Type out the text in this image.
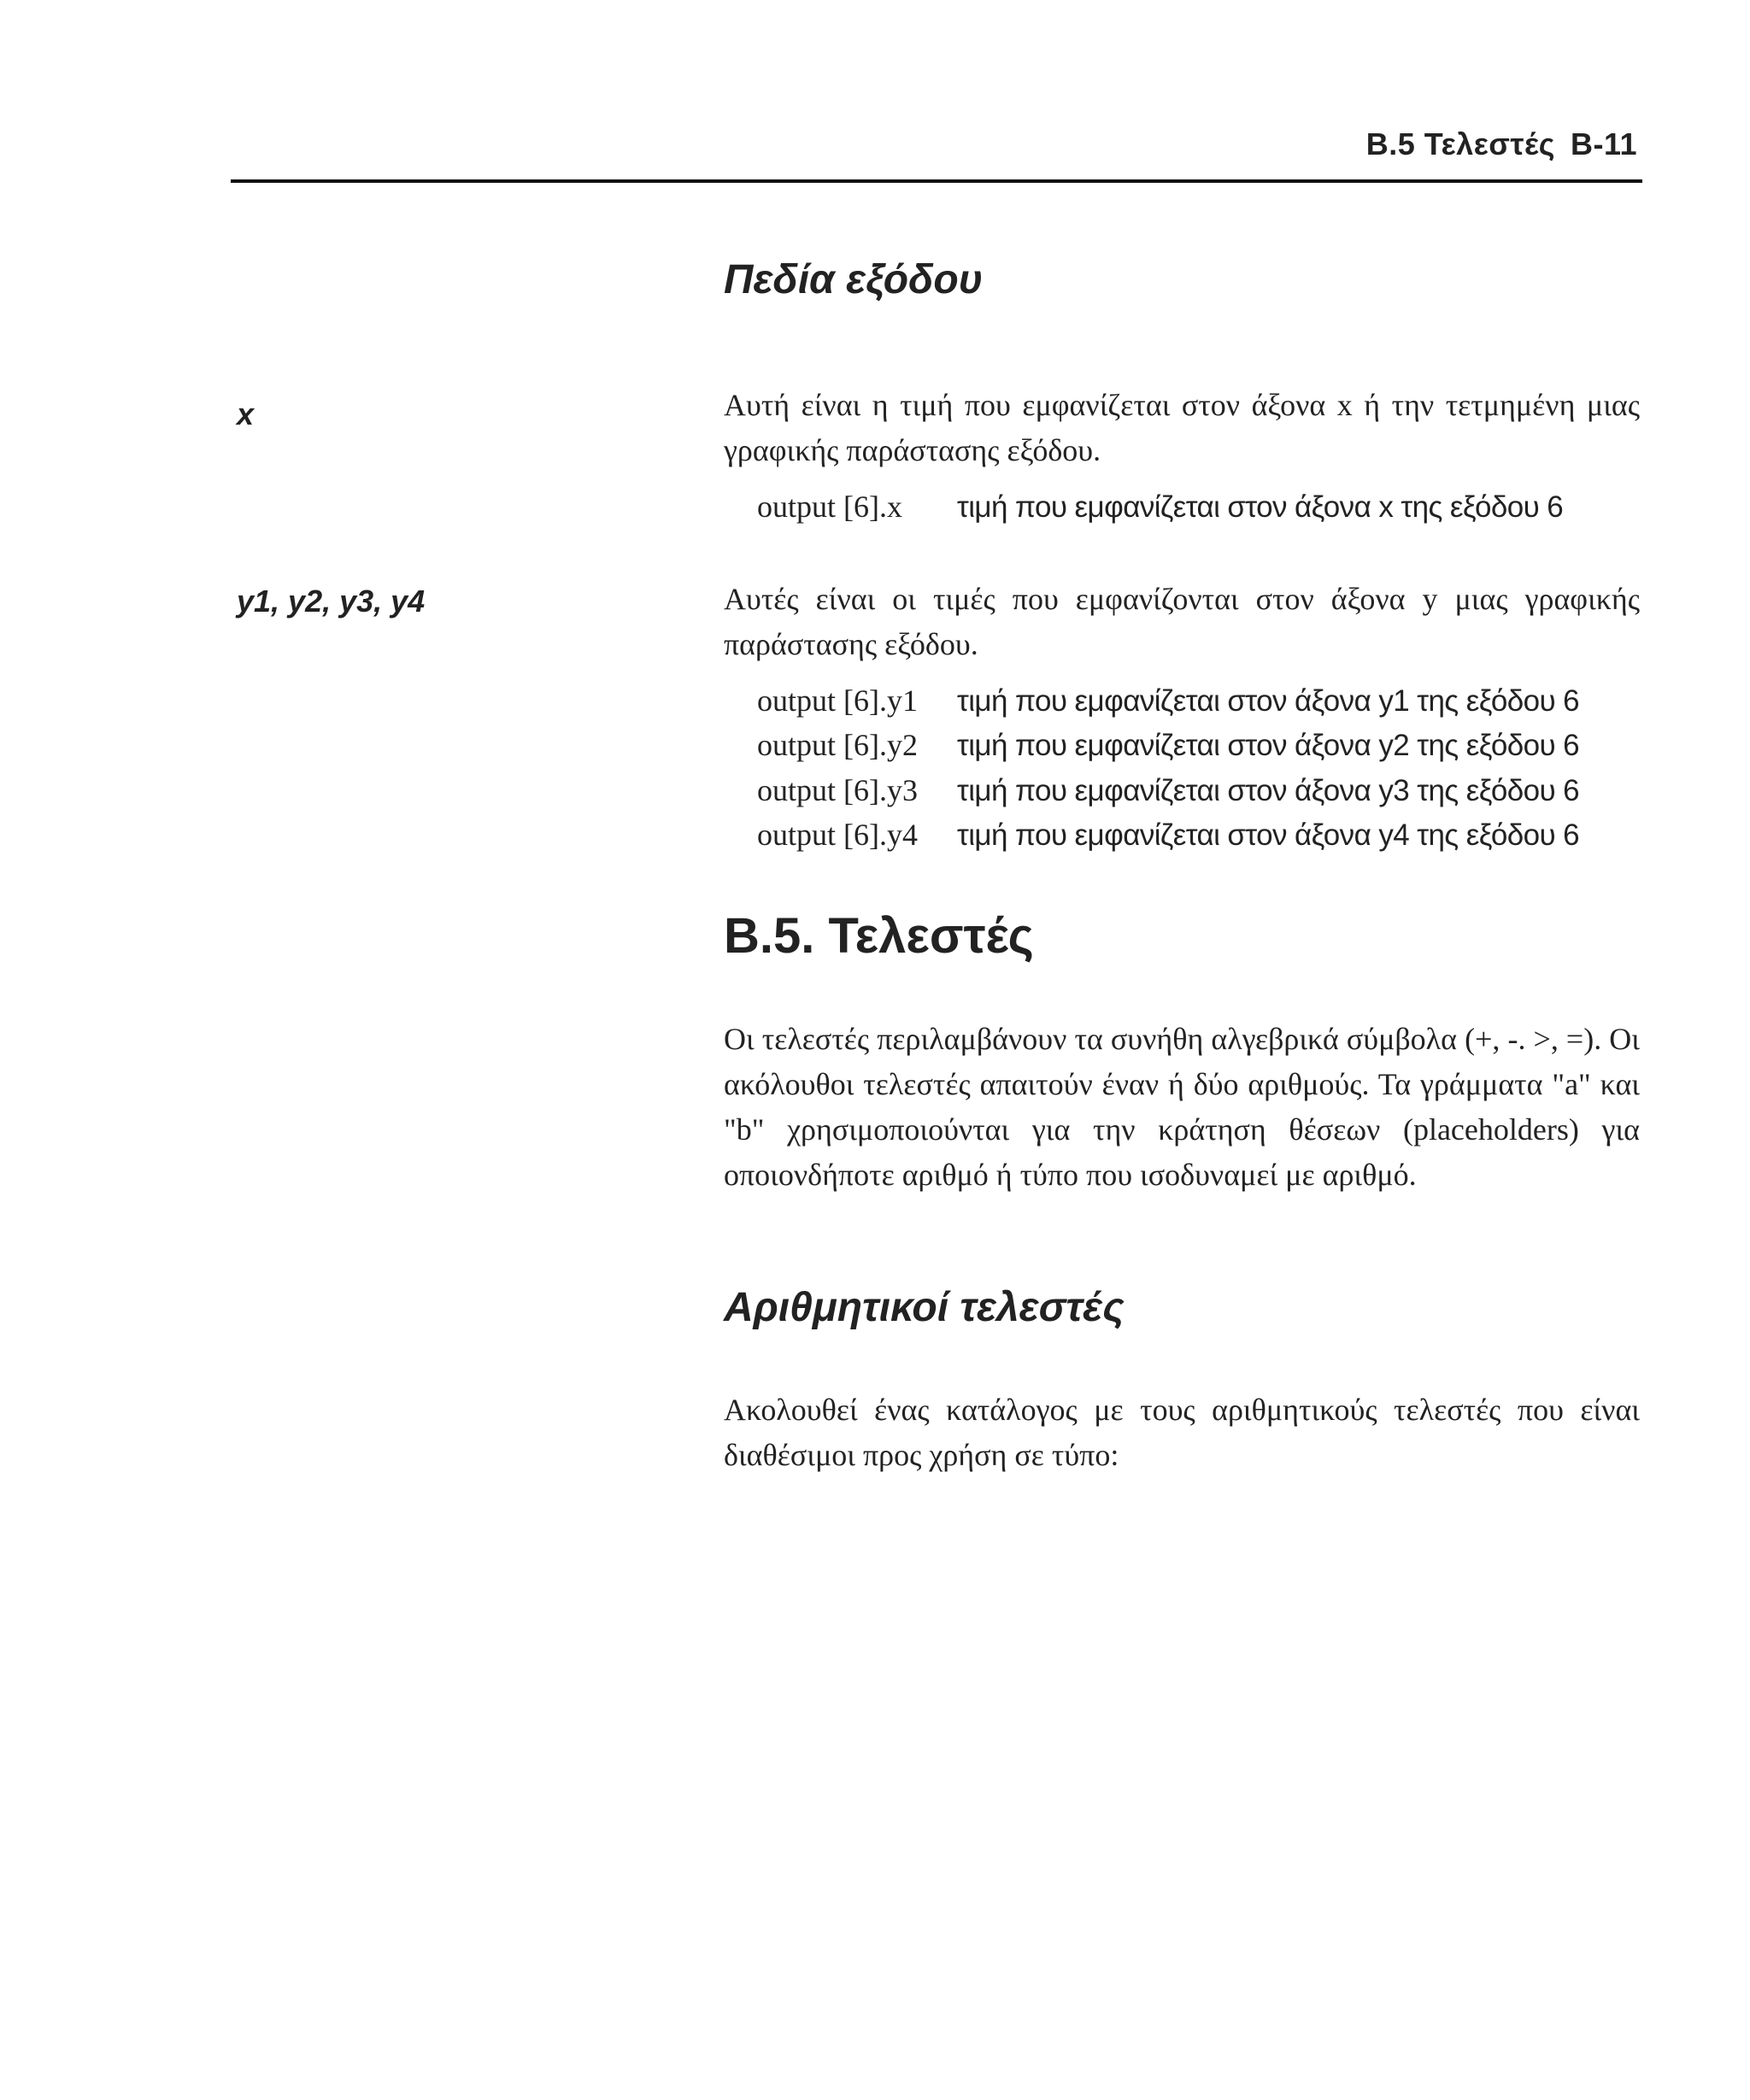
B.5 Τελεστές B-11
Πεδία εξόδου
x	Αυτή είναι η τιμή που εμφανίζεται στον άξονα x ή την τετμημένη μιας γραφικής παράστασης εξόδου.

output [6].x τιμή που εμφανίζεται στον άξονα x της εξόδου 6
y1, y2, y3, y4	Αυτές είναι οι τιμές που εμφανίζονται στον άξονα y μιας γραφικής παράστασης εξόδου.

output [6].y1 τιμή που εμφανίζεται στον άξονα y1 της εξόδου 6
output [6].y2 τιμή που εμφανίζεται στον άξονα y2 της εξόδου 6
output [6].y3 τιμή που εμφανίζεται στον άξονα y3 της εξόδου 6
output [6].y4 τιμή που εμφανίζεται στον άξονα y4 της εξόδου 6
B.5. Τελεστές

Οι τελεστές περιλαμβάνουν τα συνήθη αλγεβρικά σύμβολα (+, -. >, =). Οι ακόλουθοι τελεστές απαιτούν έναν ή δύο αριθμούς. Τα γράμματα "a" και "b" χρησιμοποιούνται για την κράτηση θέσεων (placeholders) για οποιονδήποτε αριθμό ή τύπο που ισοδυναμεί με αριθμό.

Αριθμητικοί τελεστές

Ακολουθεί ένας κατάλογος με τους αριθμητικούς τελεστές που είναι διαθέσιμοι προς χρήση σε τύπο:
